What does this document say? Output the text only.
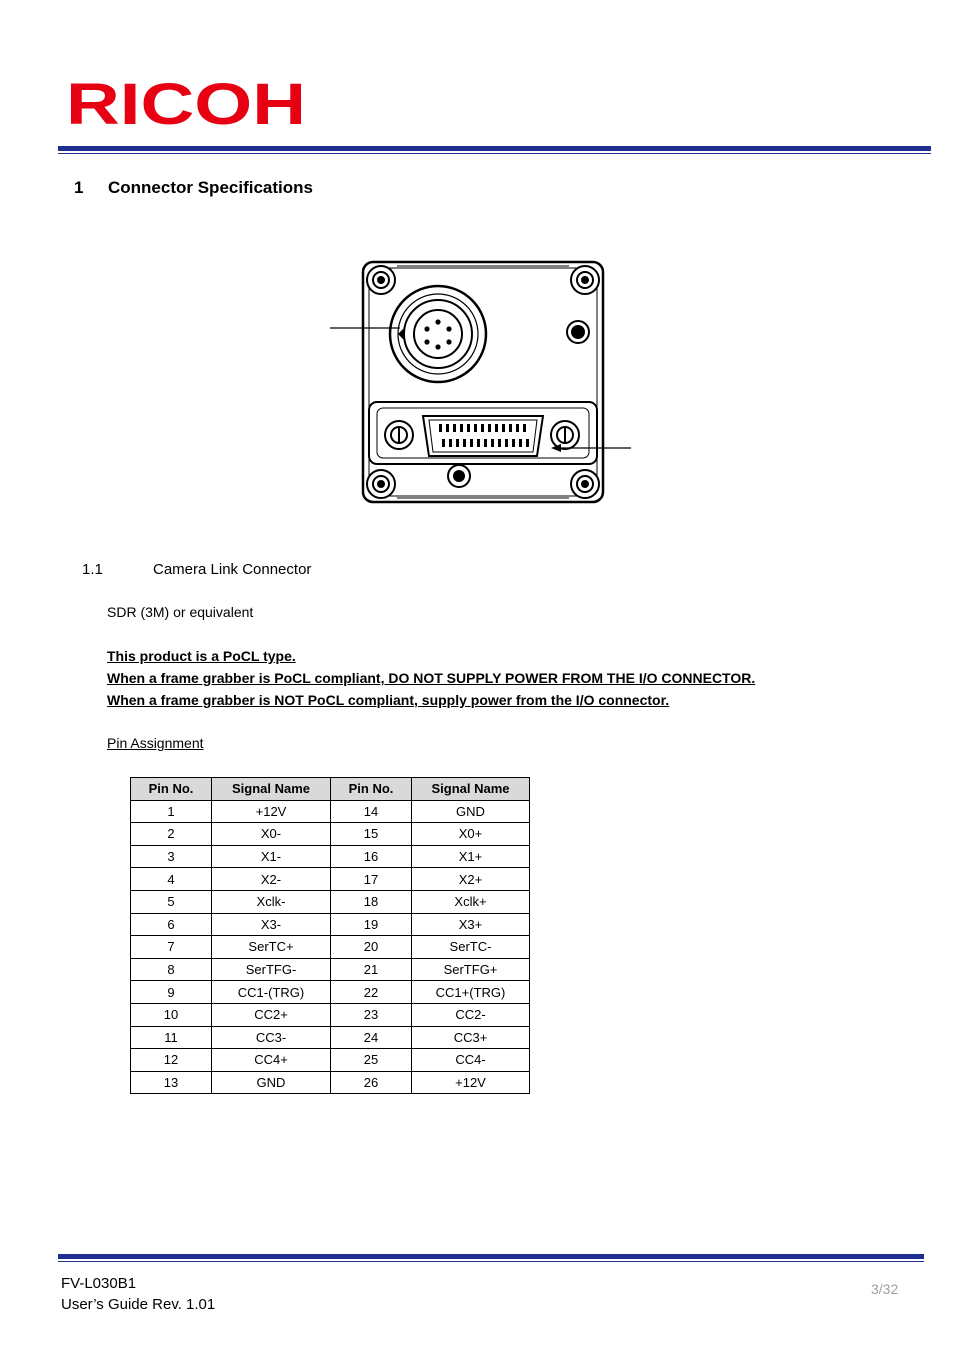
RICOH
1 Connector Specifications
1.1	Camera Link Connector
SDR (3M) or equivalent
This product is a PoCL type.
When a frame grabber is PoCL compliant, DO NOT SUPPLY POWER FROM THE I/O CONNECTOR.
When a frame grabber is NOT PoCL compliant, supply power from the I/O connector.
Pin Assignment
Pin No.	Signal Name	Pin No.	Signal Name
1	+12V	14	GND
2	X0-	15	X0+
3	X1-	16	X1+
4	X2-	17	X2+
5	Xclk-	18	Xclk+
6	X3-	19	X3+
7	SerTC+	20	SerTC-
8	SerTFG-	21	SerTFG+
9	CC1-(TRG)	22	CC1+(TRG)
10	CC2+	23	CC2-
11	CC3-	24	CC3+
12	CC4+	25	CC4-
13	GND	26	+12V
FV-L030B1
User’s Guide Rev. 1.01
3/32
